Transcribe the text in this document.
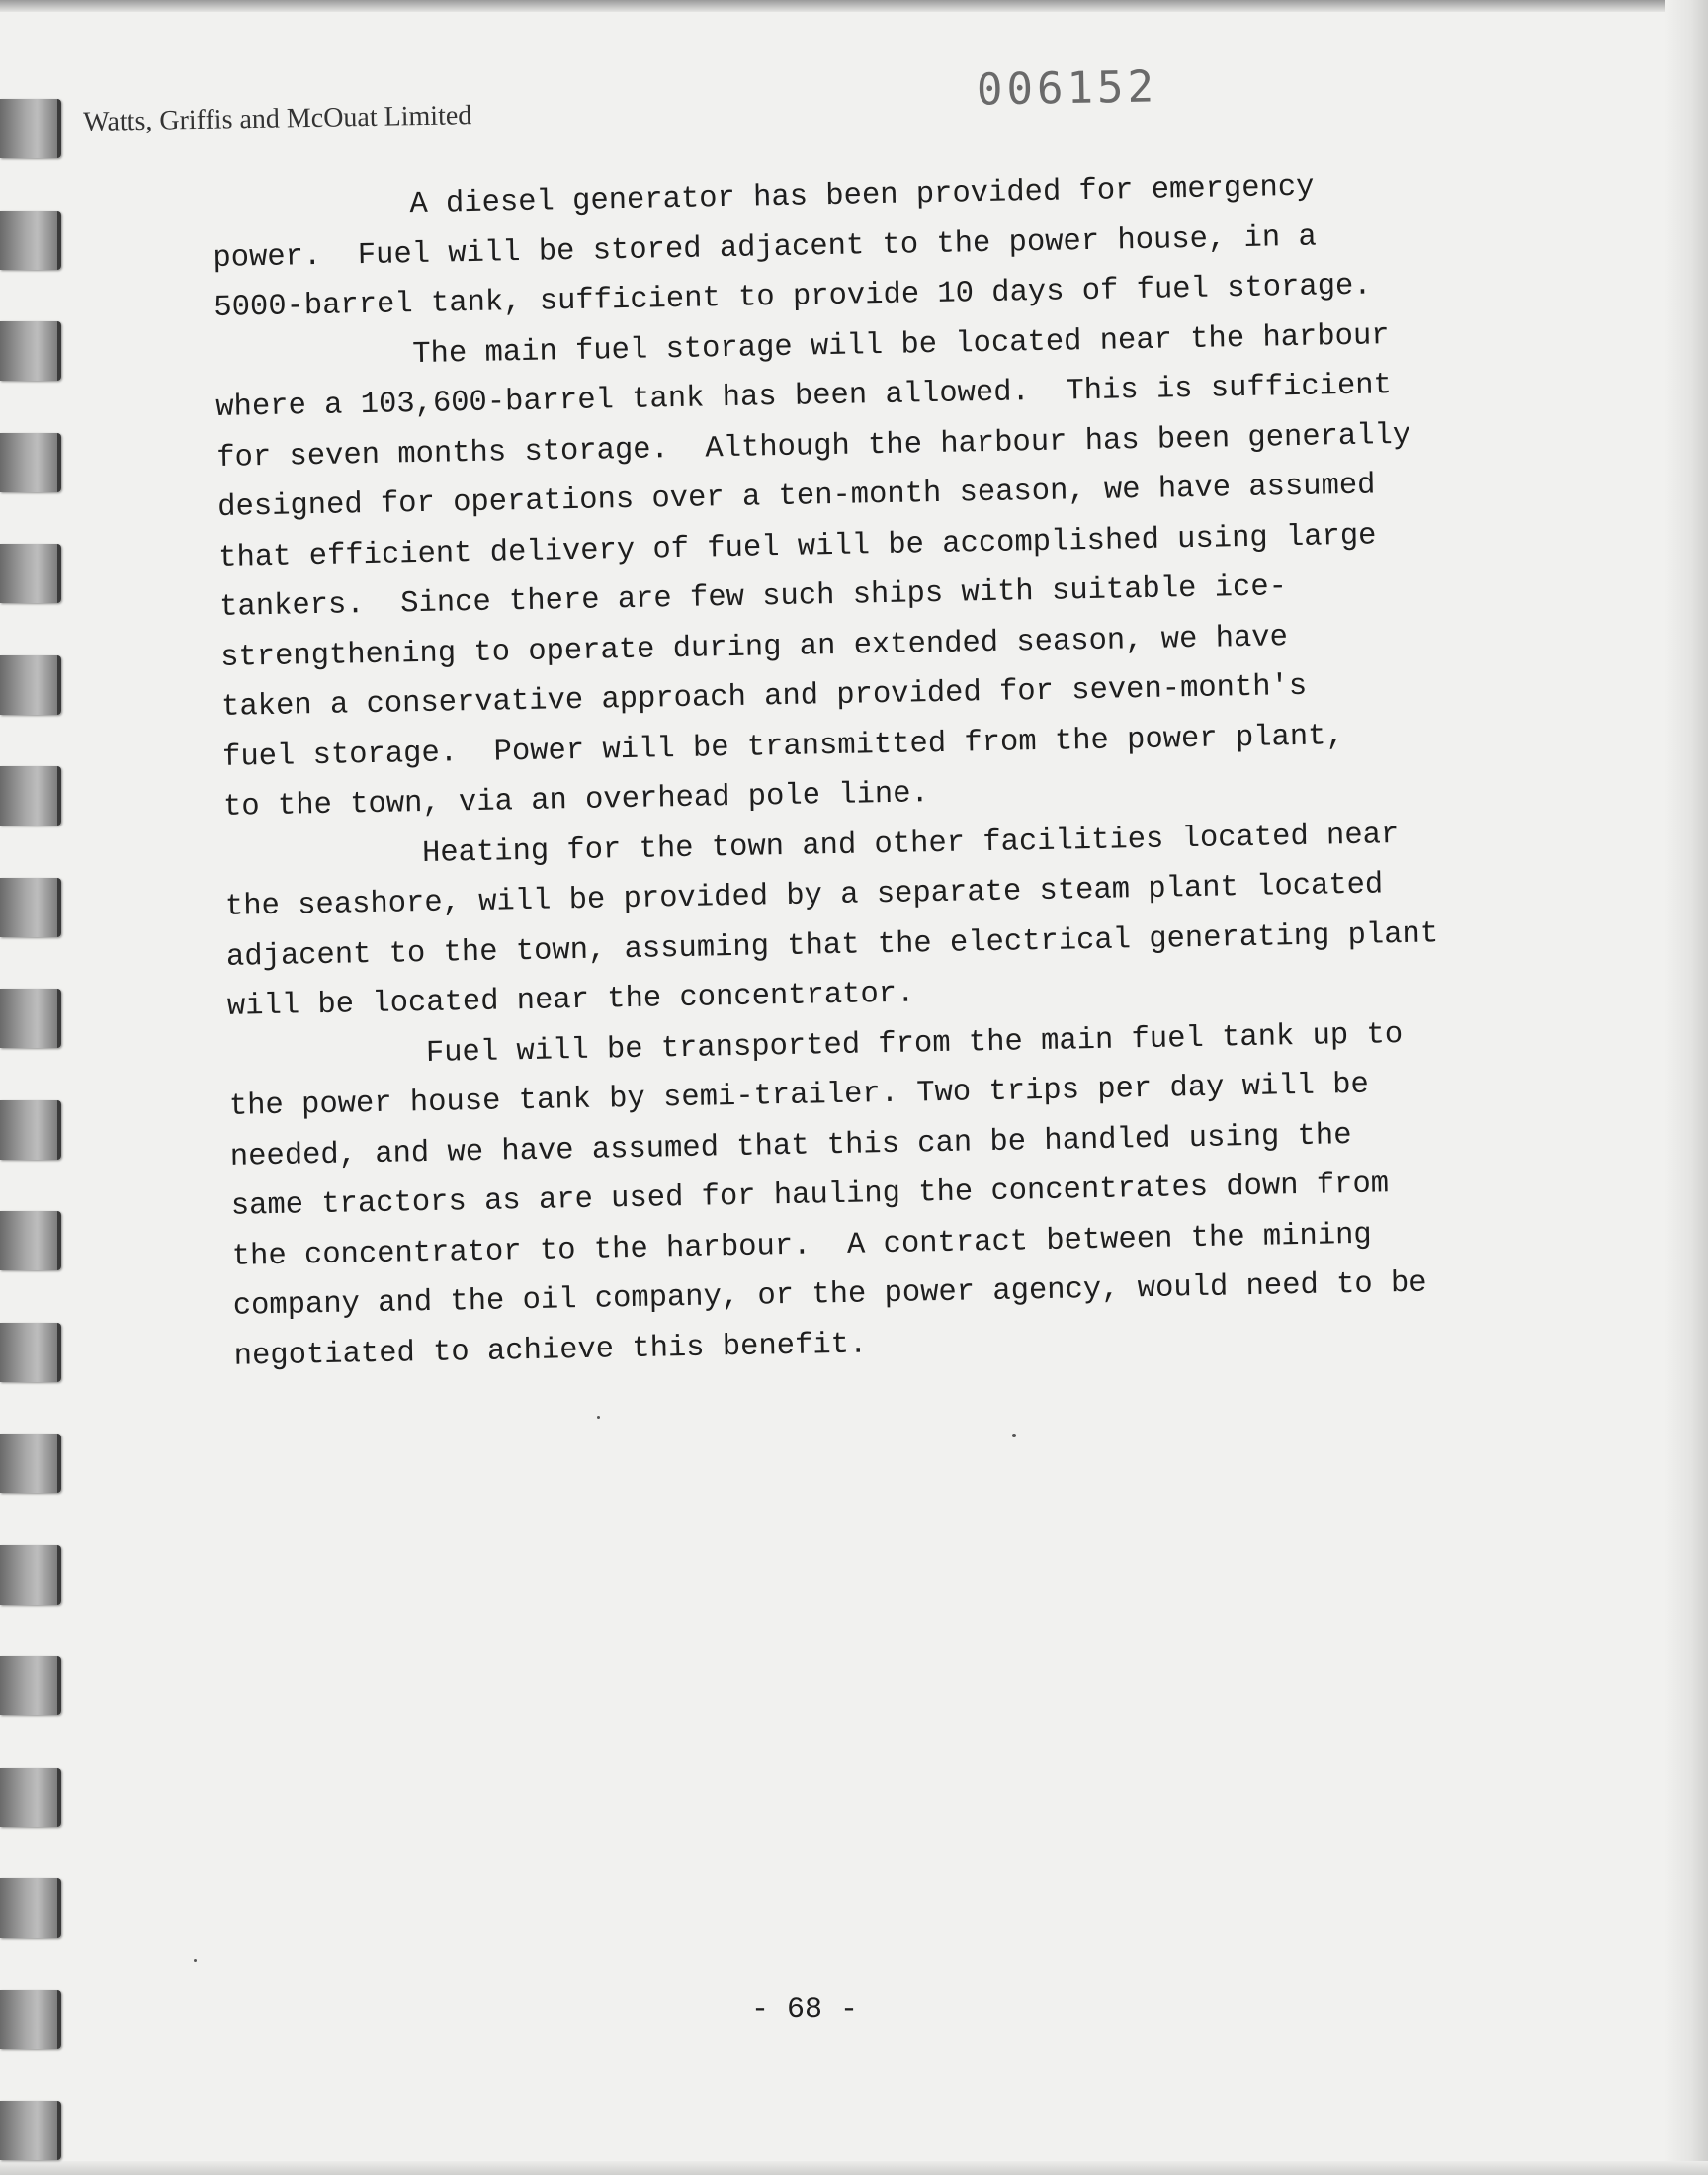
006152
Watts, Griffis and McOuat Limited
A diesel generator has been provided for emergency
power.  Fuel will be stored adjacent to the power house, in a
5000-barrel tank, sufficient to provide 10 days of fuel storage.
The main fuel storage will be located near the harbour
where a 103,600-barrel tank has been allowed.  This is sufficient
for seven months storage.  Although the harbour has been generally
designed for operations over a ten-month season, we have assumed
that efficient delivery of fuel will be accomplished using large
tankers.  Since there are few such ships with suitable ice-
strengthening to operate during an extended season, we have
taken a conservative approach and provided for seven-month's
fuel storage.  Power will be transmitted from the power plant,
to the town, via an overhead pole line.
Heating for the town and other facilities located near
the seashore, will be provided by a separate steam plant located
adjacent to the town, assuming that the electrical generating plant
will be located near the concentrator.
Fuel will be transported from the main fuel tank up to
the power house tank by semi-trailer. Two trips per day will be
needed, and we have assumed that this can be handled using the
same tractors as are used for hauling the concentrates down from
the concentrator to the harbour.  A contract between the mining
company and the oil company, or the power agency, would need to be
negotiated to achieve this benefit.
- 68 -
